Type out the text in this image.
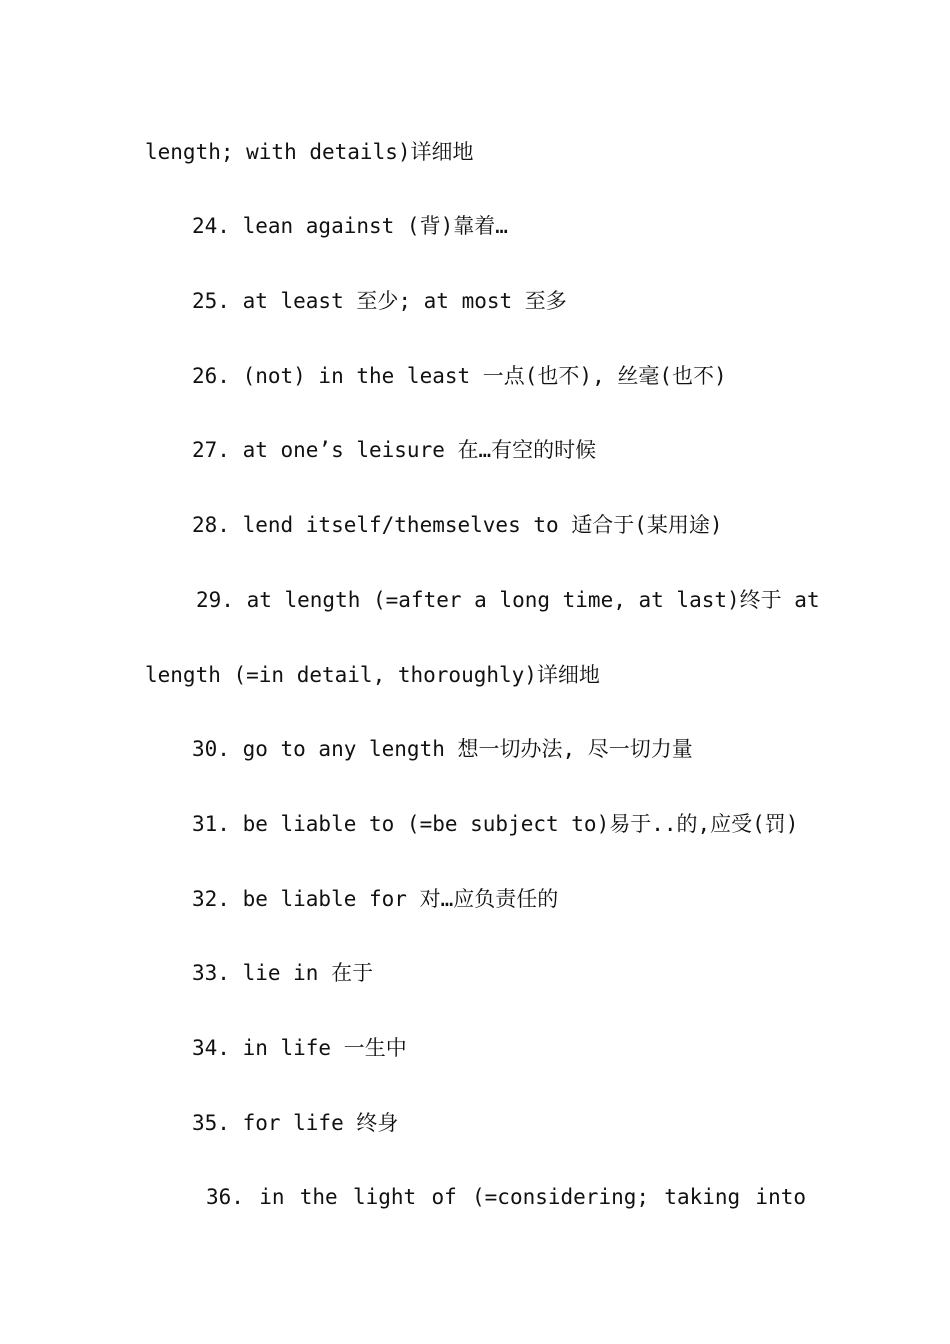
length; with details)详细地
24. lean against (背)靠着…
25. at least 至少; at most 至多
26. (not) in the least 一点(也不), 丝毫(也不)
27. at one’s leisure 在…有空的时候
28. lend itself/themselves to 适合于(某用途)
29. at length (=after a long time, at last)终于 at
length (=in detail, thoroughly)详细地
30. go to any length 想一切办法, 尽一切力量
31. be liable to (=be subject to)易于..的,应受(罚)
32. be liable for 对…应负责任的
33. lie in 在于
34. in life 一生中
35. for life 终身
36. in the light of (=considering; taking into
